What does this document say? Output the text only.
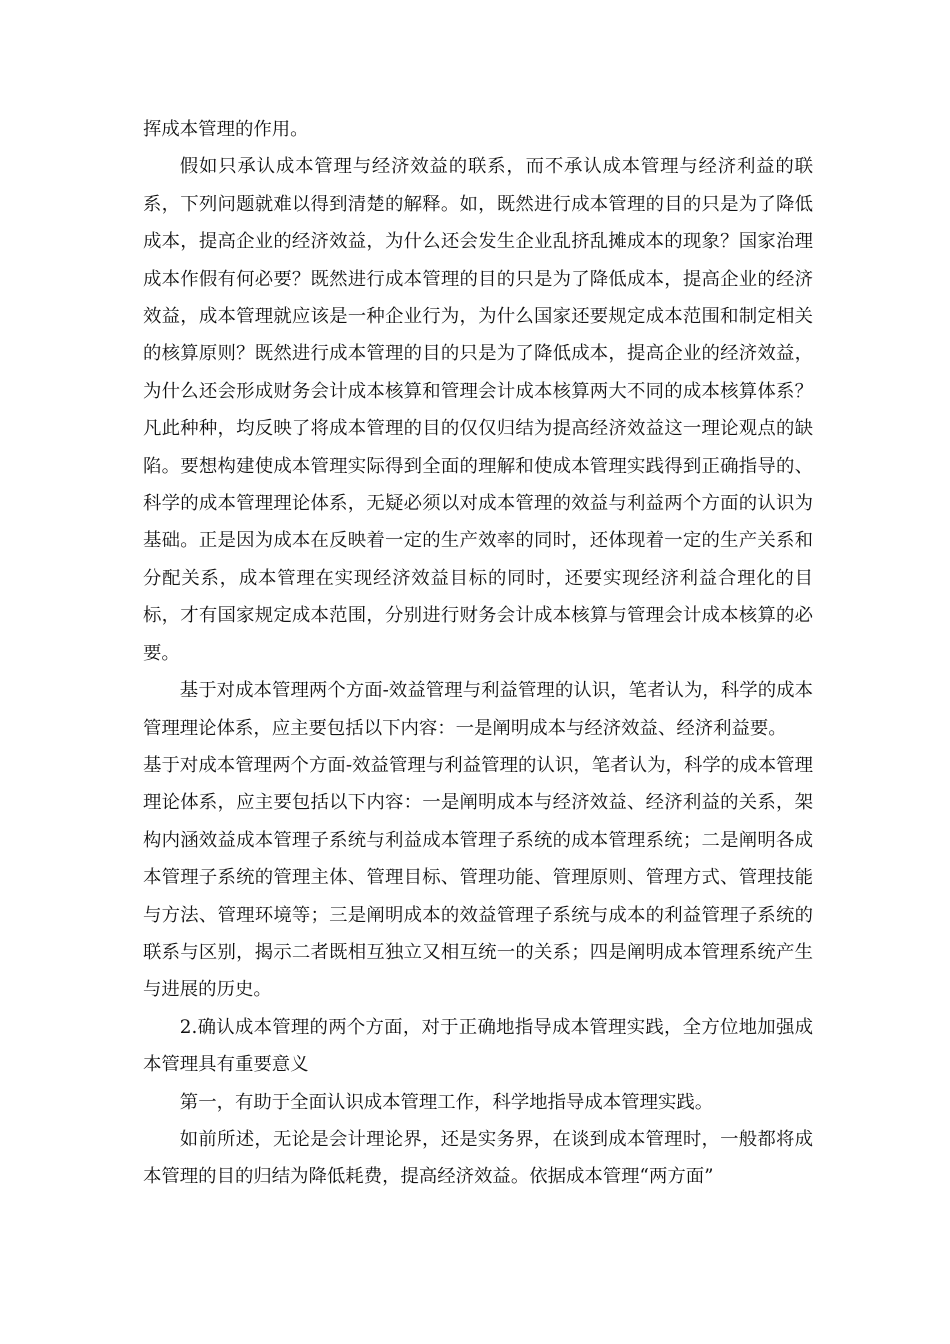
挥成本管理的作用。

假如只承认成本管理与经济效益的联系，而不承认成本管理与经济利益的联系，下列问题就难以得到清楚的解释。如，既然进行成本管理的目的只是为了降低成本，提高企业的经济效益，为什么还会发生企业乱挤乱摊成本的现象？国家治理成本作假有何必要？既然进行成本管理的目的只是为了降低成本，提高企业的经济效益，成本管理就应该是一种企业行为，为什么国家还要规定成本范围和制定相关的核算原则？既然进行成本管理的目的只是为了降低成本，提高企业的经济效益，为什么还会形成财务会计成本核算和管理会计成本核算两大不同的成本核算体系？凡此种种，均反映了将成本管理的目的仅仅归结为提高经济效益这一理论观点的缺陷。要想构建使成本管理实际得到全面的理解和使成本管理实践得到正确指导的、科学的成本管理理论体系，无疑必须以对成本管理的效益与利益两个方面的认识为基础。正是因为成本在反映着一定的生产效率的同时，还体现着一定的生产关系和分配关系，成本管理在实现经济效益目标的同时，还要实现经济利益合理化的目标，才有国家规定成本范围，分别进行财务会计成本核算与管理会计成本核算的必要。

基于对成本管理两个方面-效益管理与利益管理的认识，笔者认为，科学的成本管理理论体系，应主要包括以下内容：一是阐明成本与经济效益、经济利益要。

基于对成本管理两个方面-效益管理与利益管理的认识，笔者认为，科学的成本管理理论体系，应主要包括以下内容：一是阐明成本与经济效益、经济利益的关系，架构内涵效益成本管理子系统与利益成本管理子系统的成本管理系统；二是阐明各成本管理子系统的管理主体、管理目标、管理功能、管理原则、管理方式、管理技能与方法、管理环境等；三是阐明成本的效益管理子系统与成本的利益管理子系统的联系与区别，揭示二者既相互独立又相互统一的关系；四是阐明成本管理系统产生与进展的历史。

2.确认成本管理的两个方面，对于正确地指导成本管理实践，全方位地加强成本管理具有重要意义

第一，有助于全面认识成本管理工作，科学地指导成本管理实践。

如前所述，无论是会计理论界，还是实务界，在谈到成本管理时，一般都将成本管理的目的归结为降低耗费，提高经济效益。依据成本管理“两方面”
